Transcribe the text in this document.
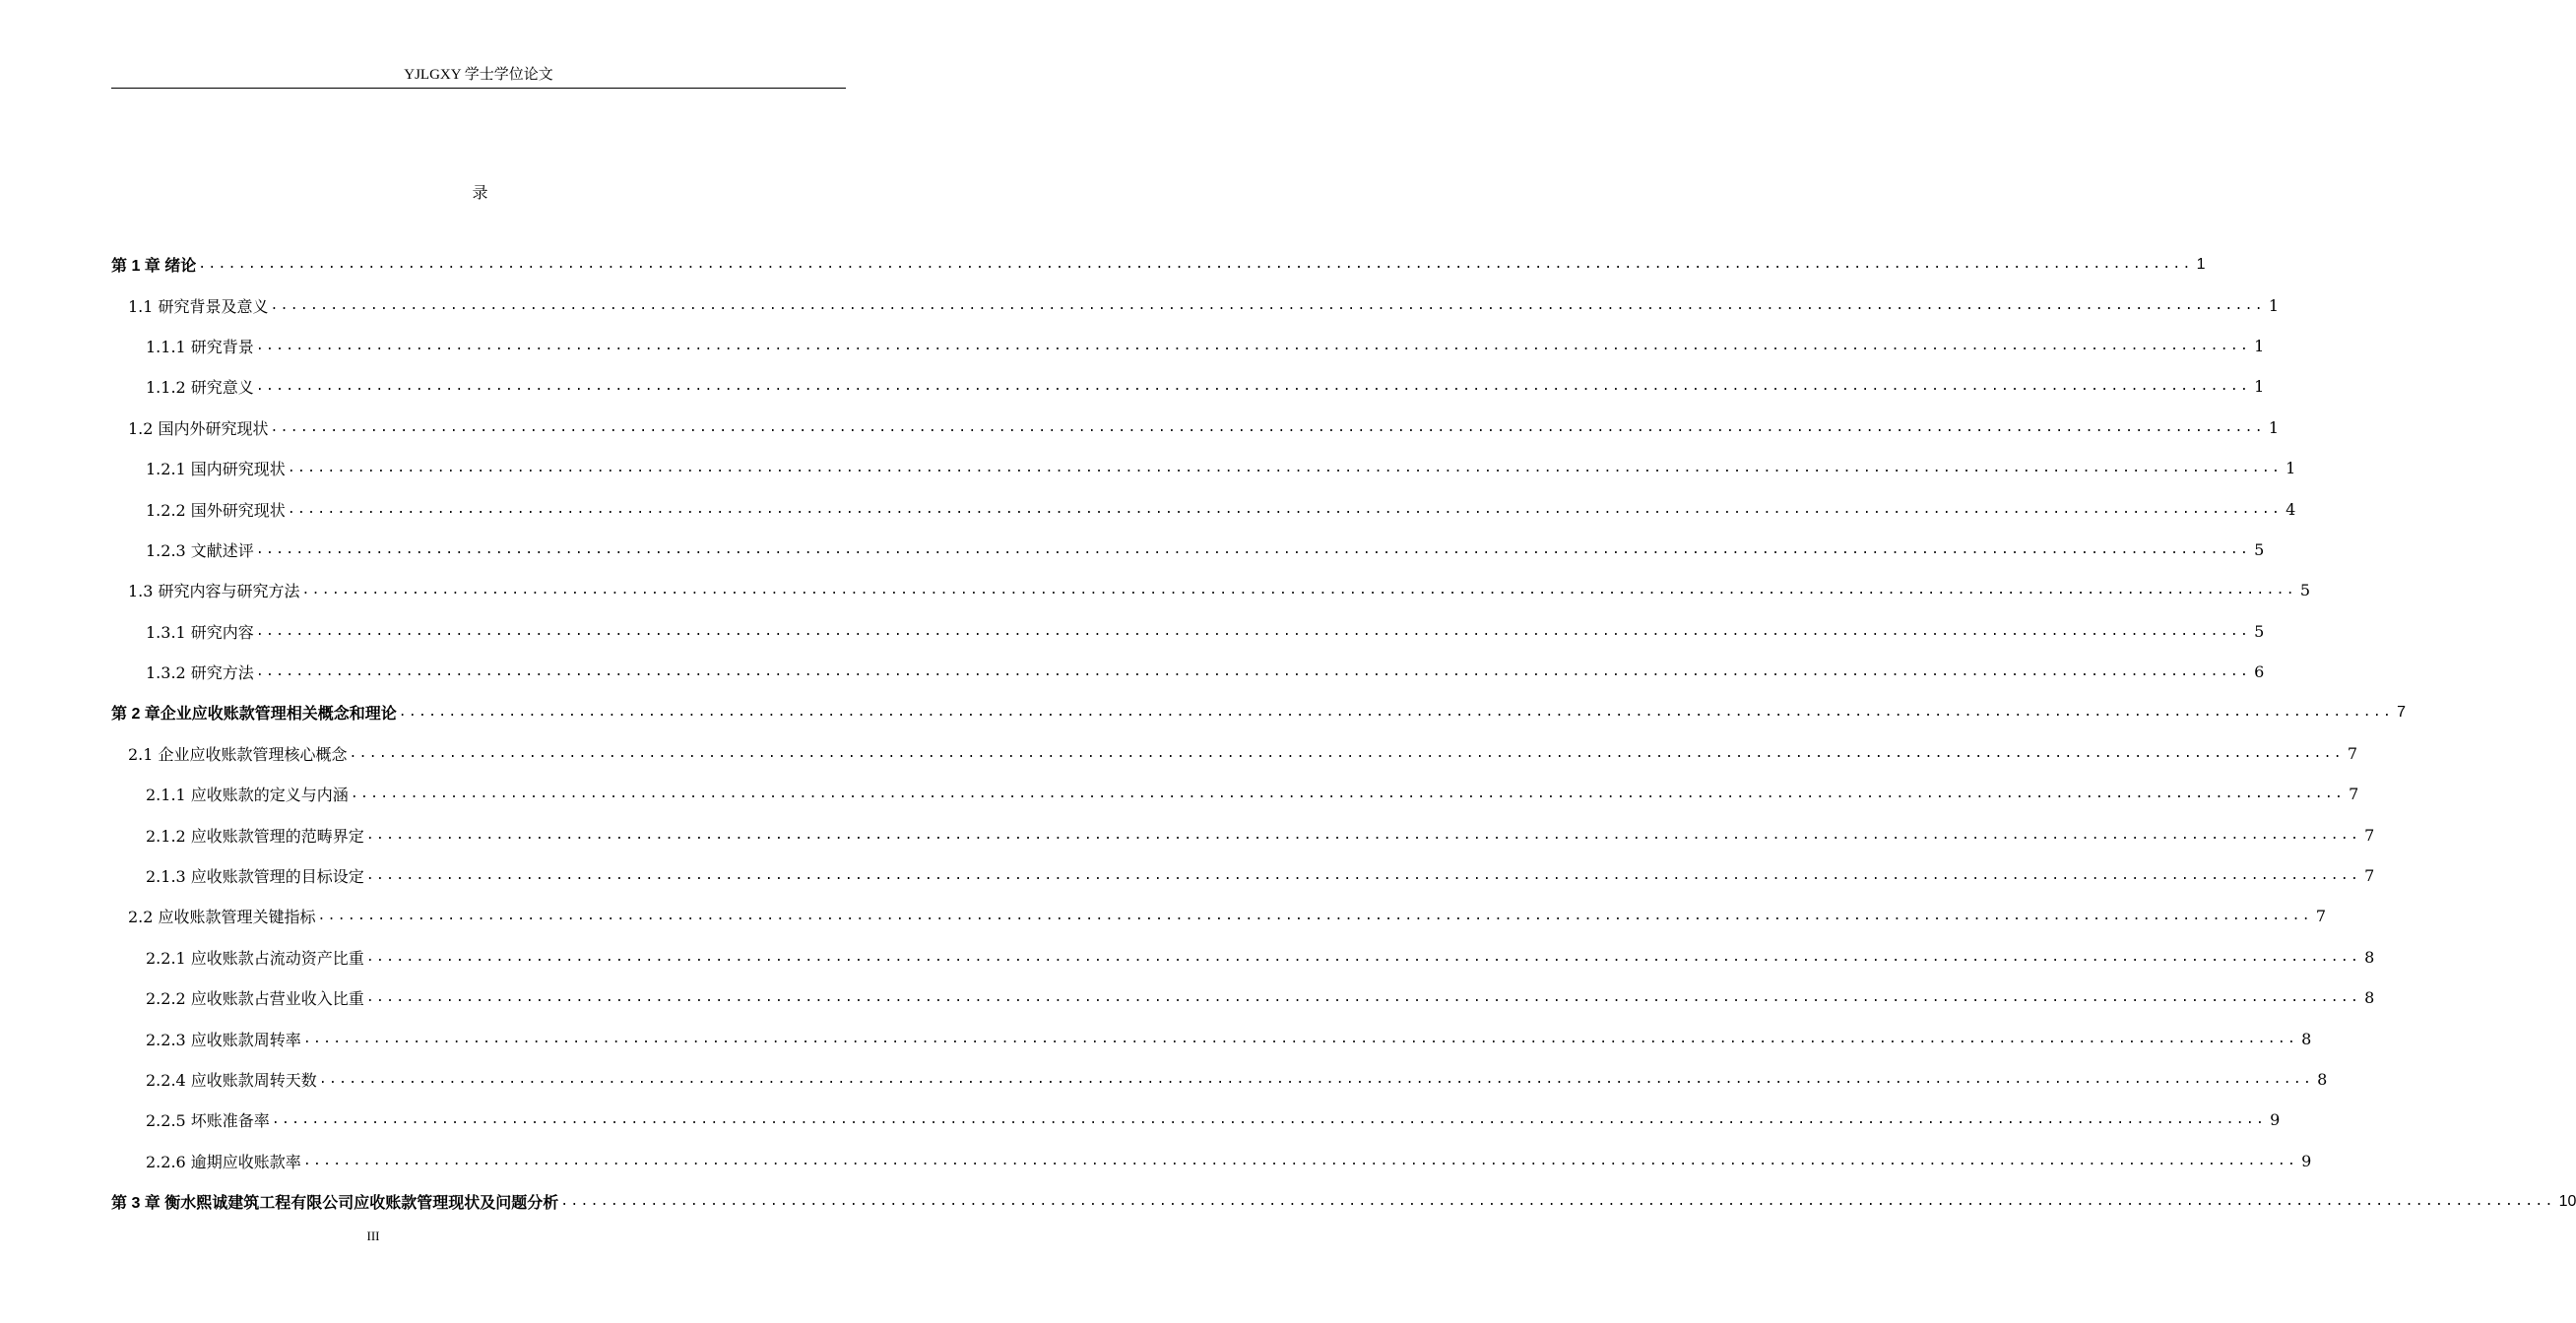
YJLGXY 学士学位论文
录
第 1 章 绪论 ........................................................................................................................................................................................................ 1
1.1 研究背景及意义 ........................................................................................................................................................................................................ 1
1.1.1 研究背景 ........................................................................................................................................................................................................ 1
1.1.2 研究意义 ........................................................................................................................................................................................................ 1
1.2 国内外研究现状 ........................................................................................................................................................................................................ 1
1.2.1 国内研究现状 ........................................................................................................................................................................................................ 1
1.2.2 国外研究现状 ........................................................................................................................................................................................................ 4
1.2.3 文献述评 ........................................................................................................................................................................................................ 5
1.3 研究内容与研究方法 ........................................................................................................................................................................................................ 5
1.3.1 研究内容 ........................................................................................................................................................................................................ 5
1.3.2 研究方法 ........................................................................................................................................................................................................ 6
第 2 章企业应收账款管理相关概念和理论 ........................................................................................................................................................................................................ 7
2.1 企业应收账款管理核心概念 ........................................................................................................................................................................................................ 7
2.1.1 应收账款的定义与内涵 ........................................................................................................................................................................................................ 7
2.1.2 应收账款管理的范畴界定 ........................................................................................................................................................................................................ 7
2.1.3 应收账款管理的目标设定 ........................................................................................................................................................................................................ 7
2.2 应收账款管理关键指标 ........................................................................................................................................................................................................ 7
2.2.1 应收账款占流动资产比重 ........................................................................................................................................................................................................ 8
2.2.2 应收账款占营业收入比重 ........................................................................................................................................................................................................ 8
2.2.3 应收账款周转率 ........................................................................................................................................................................................................ 8
2.2.4 应收账款周转天数 ........................................................................................................................................................................................................ 8
2.2.5 坏账准备率 ........................................................................................................................................................................................................ 9
2.2.6 逾期应收账款率 ........................................................................................................................................................................................................ 9
第 3 章 衡水熙诚建筑工程有限公司应收账款管理现状及问题分析 ........................................................................................................................................................................................................ 10
III
